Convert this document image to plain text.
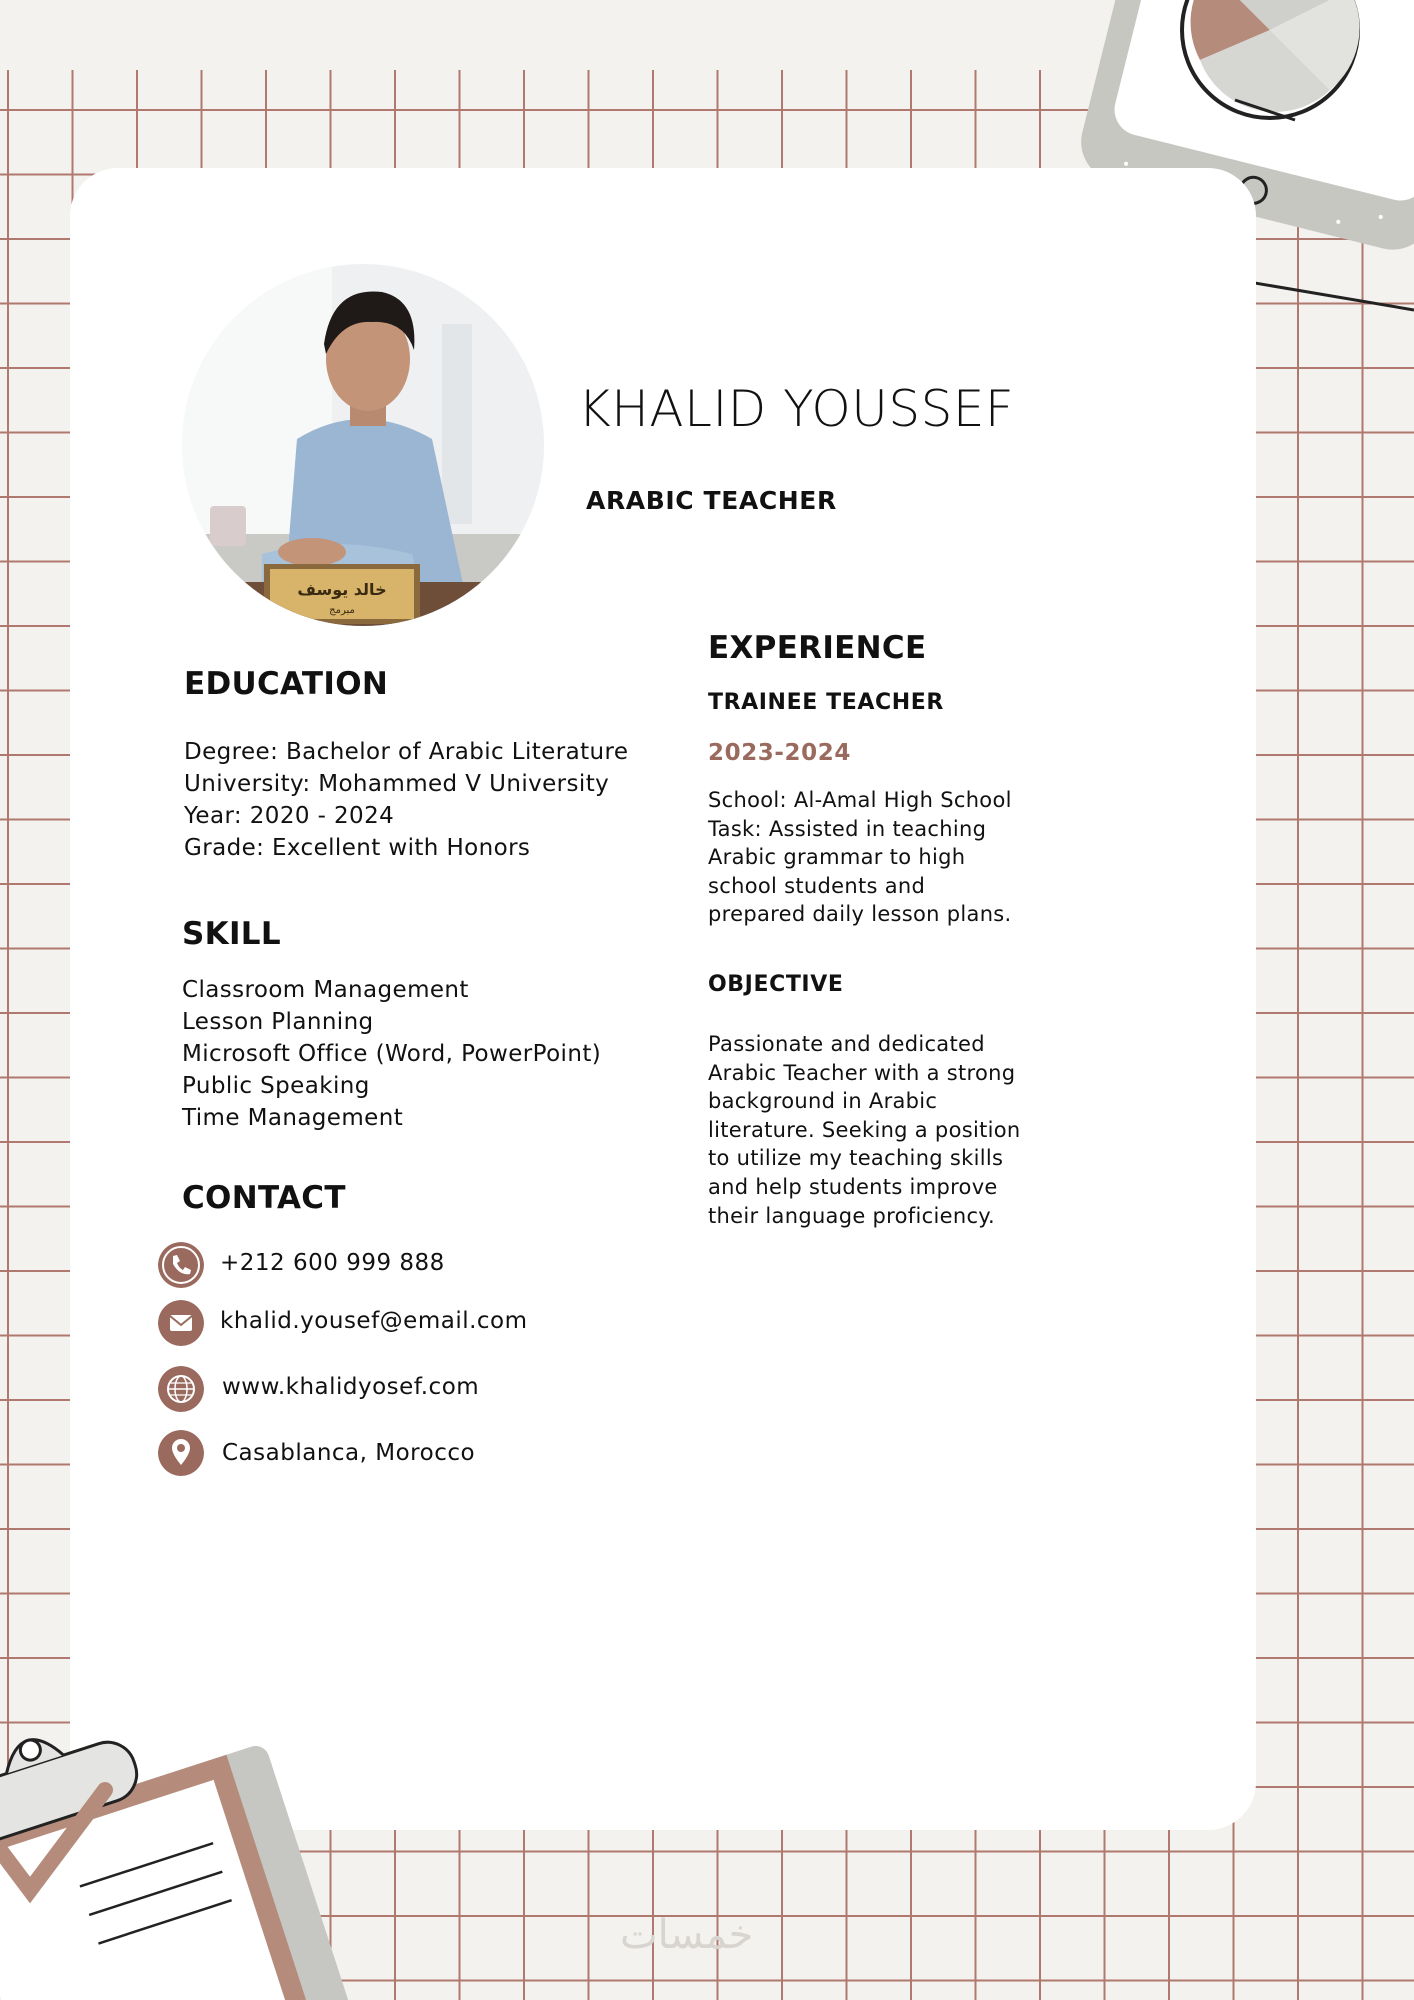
خالد يوسف
مبرمج
KHALID YOUSSEF
ARABIC TEACHER
EDUCATION
Degree: Bachelor of Arabic Literature
University: Mohammed V University
Year: 2020 - 2024
Grade: Excellent with Honors
SKILL
Classroom Management
Lesson Planning
Microsoft Office (Word, PowerPoint)
Public Speaking
Time Management
CONTACT
+212 600 999 888
khalid.yousef@email.com
www.khalidyosef.com
Casablanca, Morocco
EXPERIENCE
TRAINEE TEACHER
2023-2024
School: Al-Amal High School
Task: Assisted in teaching
Arabic grammar to high
school students and
prepared daily lesson plans.
OBJECTIVE
Passionate and dedicated
Arabic Teacher with a strong
background in Arabic
literature. Seeking a position
to utilize my teaching skills
and help students improve
their language proficiency.
خمسات
